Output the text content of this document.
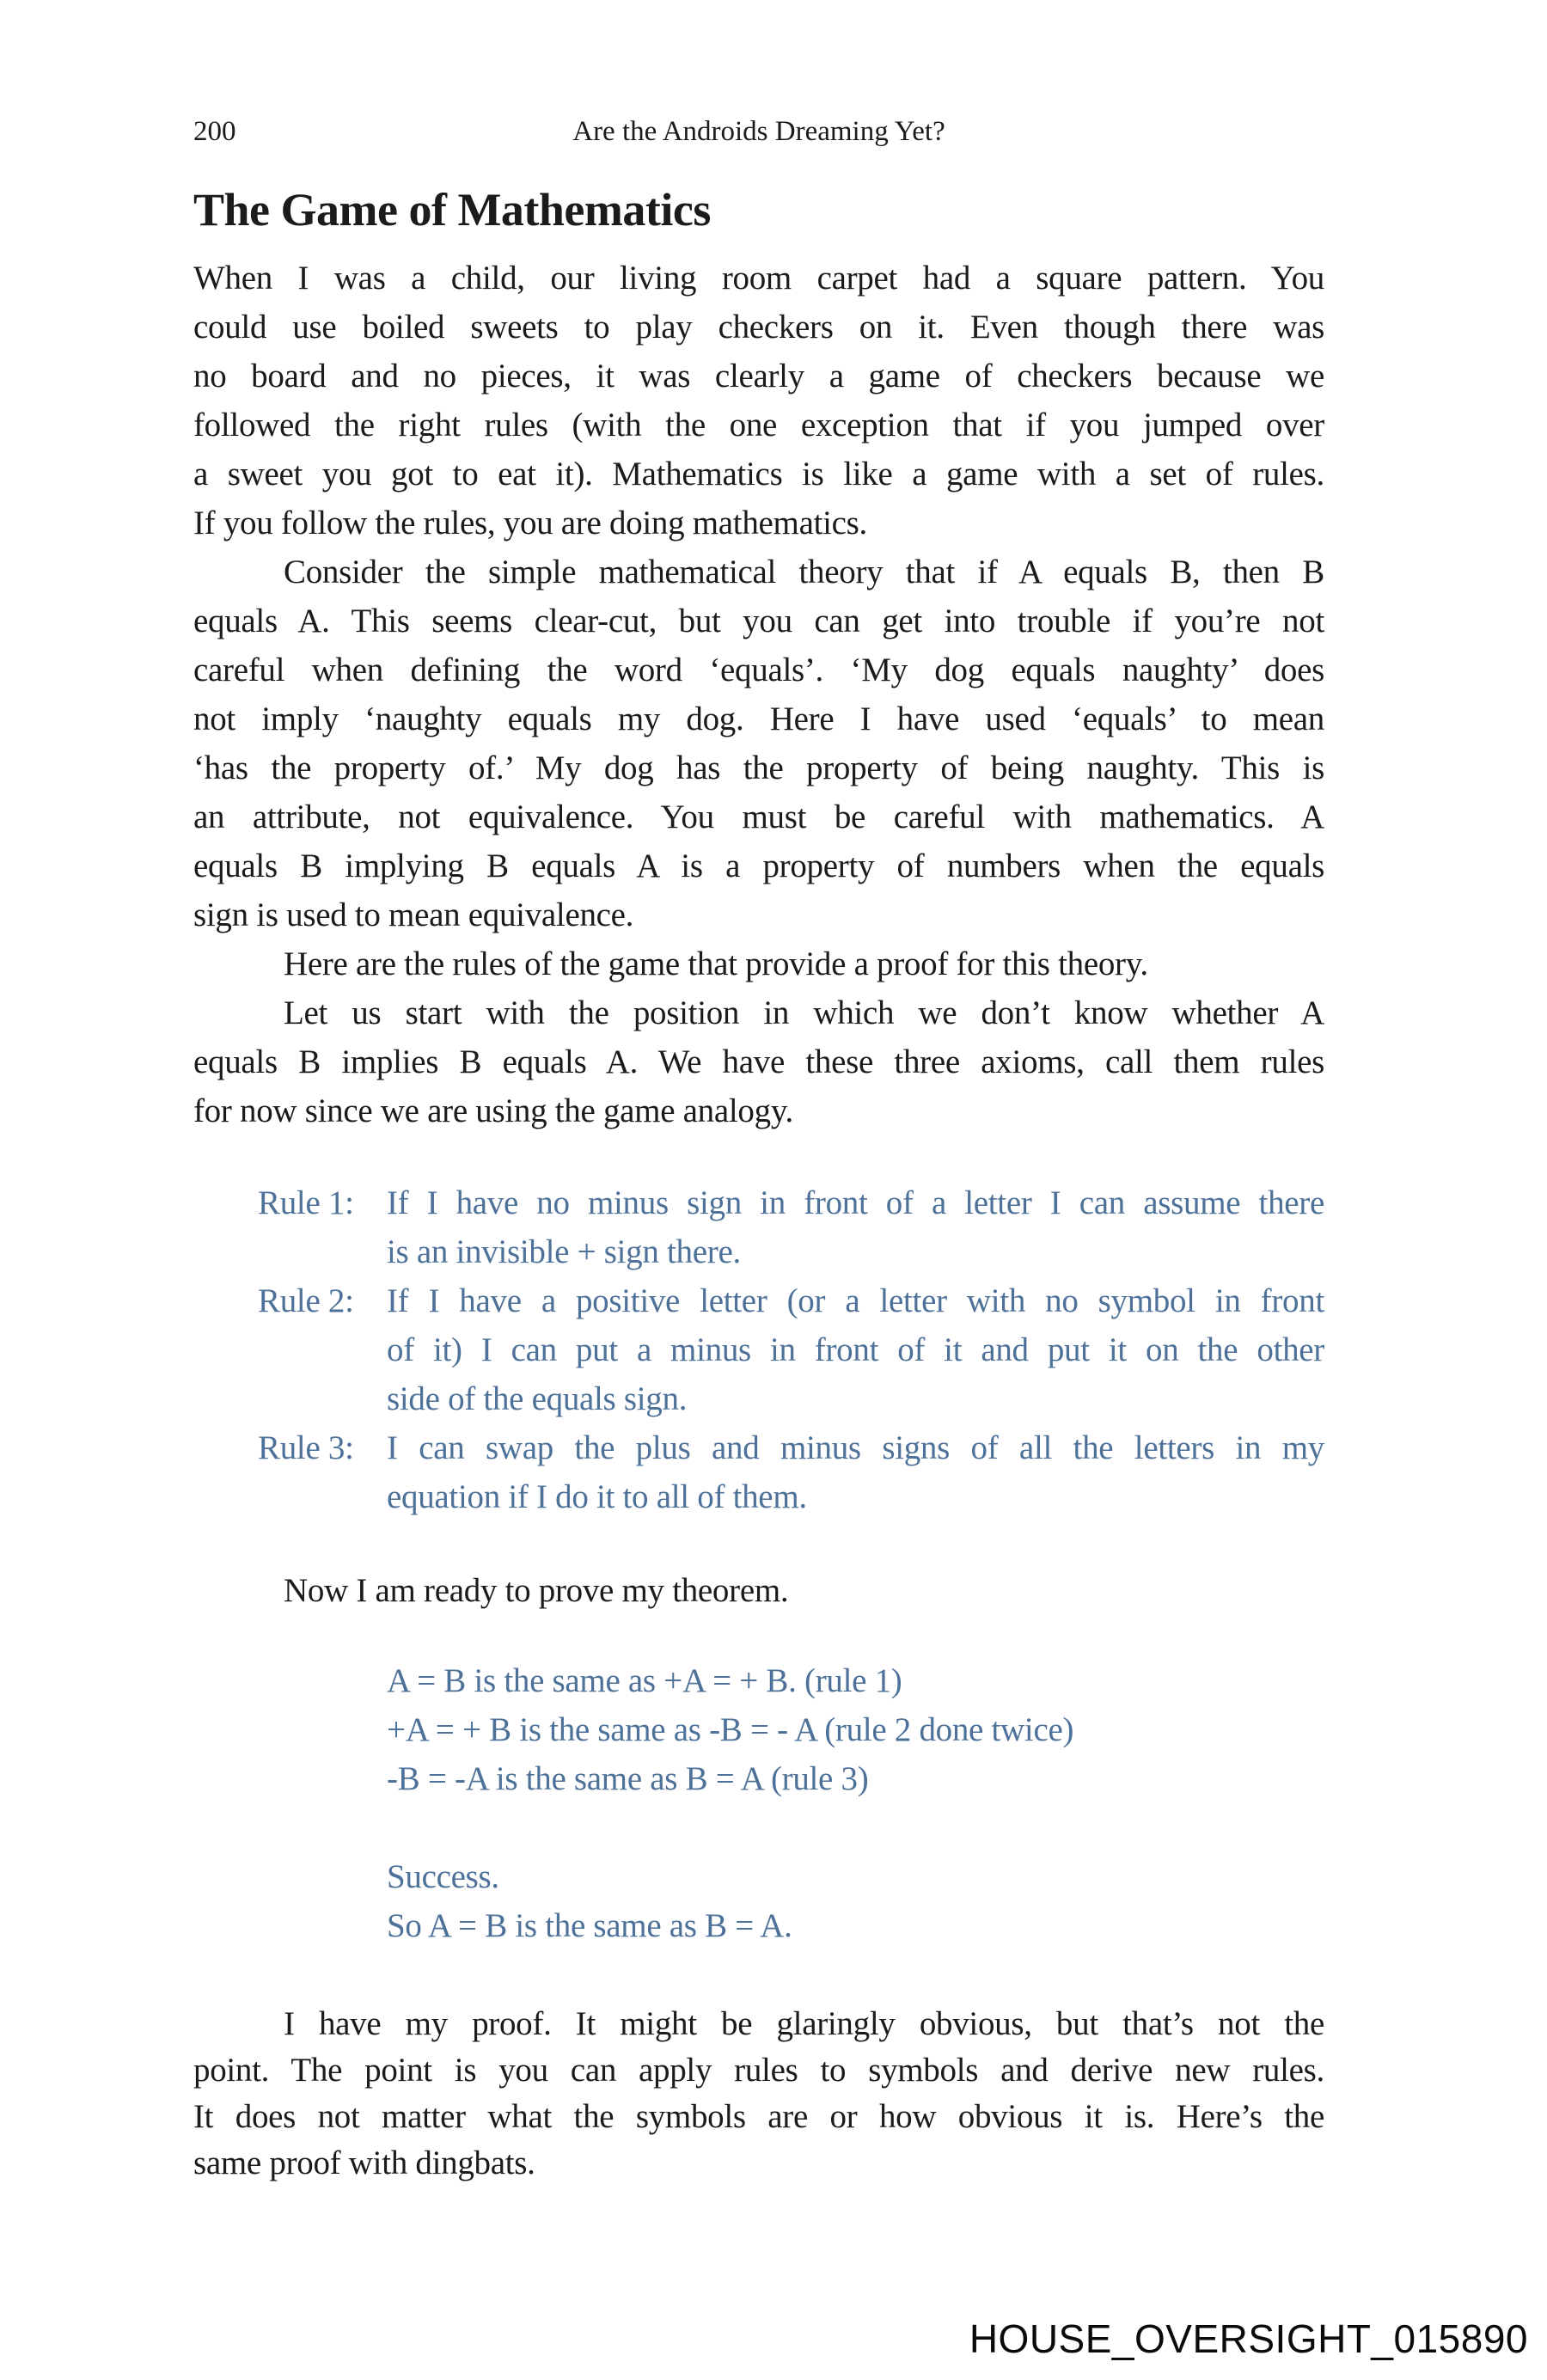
200	Are the Androids Dreaming Yet?
The Game of Mathematics
When I was a child, our living room carpet had a square pattern. You
could use boiled sweets to play checkers on it. Even though there was
no board and no pieces, it was clearly a game of checkers because we
followed the right rules (with the one exception that if you jumped over
a sweet you got to eat it). Mathematics is like a game with a set of rules.
If you follow the rules, you are doing mathematics.
Consider the simple mathematical theory that if A equals B, then B
equals A. This seems clear-cut, but you can get into trouble if you’re not
careful when defining the word ‘equals’. ‘My dog equals naughty’ does
not imply ‘naughty equals my dog. Here I have used ‘equals’ to mean
‘has the property of.’ My dog has the property of being naughty. This is
an attribute, not equivalence. You must be careful with mathematics. A
equals B implying B equals A is a property of numbers when the equals
sign is used to mean equivalence.
Here are the rules of the game that provide a proof for this theory.
Let us start with the position in which we don’t know whether A
equals B implies B equals A. We have these three axioms, call them rules
for now since we are using the game analogy.
Rule 1: If I have no minus sign in front of a letter I can assume there
is an invisible + sign there.
Rule 2: If I have a positive letter (or a letter with no symbol in front
of it) I can put a minus in front of it and put it on the other
side of the equals sign.
Rule 3: I can swap the plus and minus signs of all the letters in my
equation if I do it to all of them.
Now I am ready to prove my theorem.
A = B is the same as +A = + B. (rule 1)
+A = + B is the same as -B = - A (rule 2 done twice)
-B = -A is the same as B = A (rule 3)
Success.
So A = B is the same as B = A.
I have my proof. It might be glaringly obvious, but that’s not the
point. The point is you can apply rules to symbols and derive new rules.
It does not matter what the symbols are or how obvious it is. Here’s the
same proof with dingbats.
HOUSE_OVERSIGHT_015890
